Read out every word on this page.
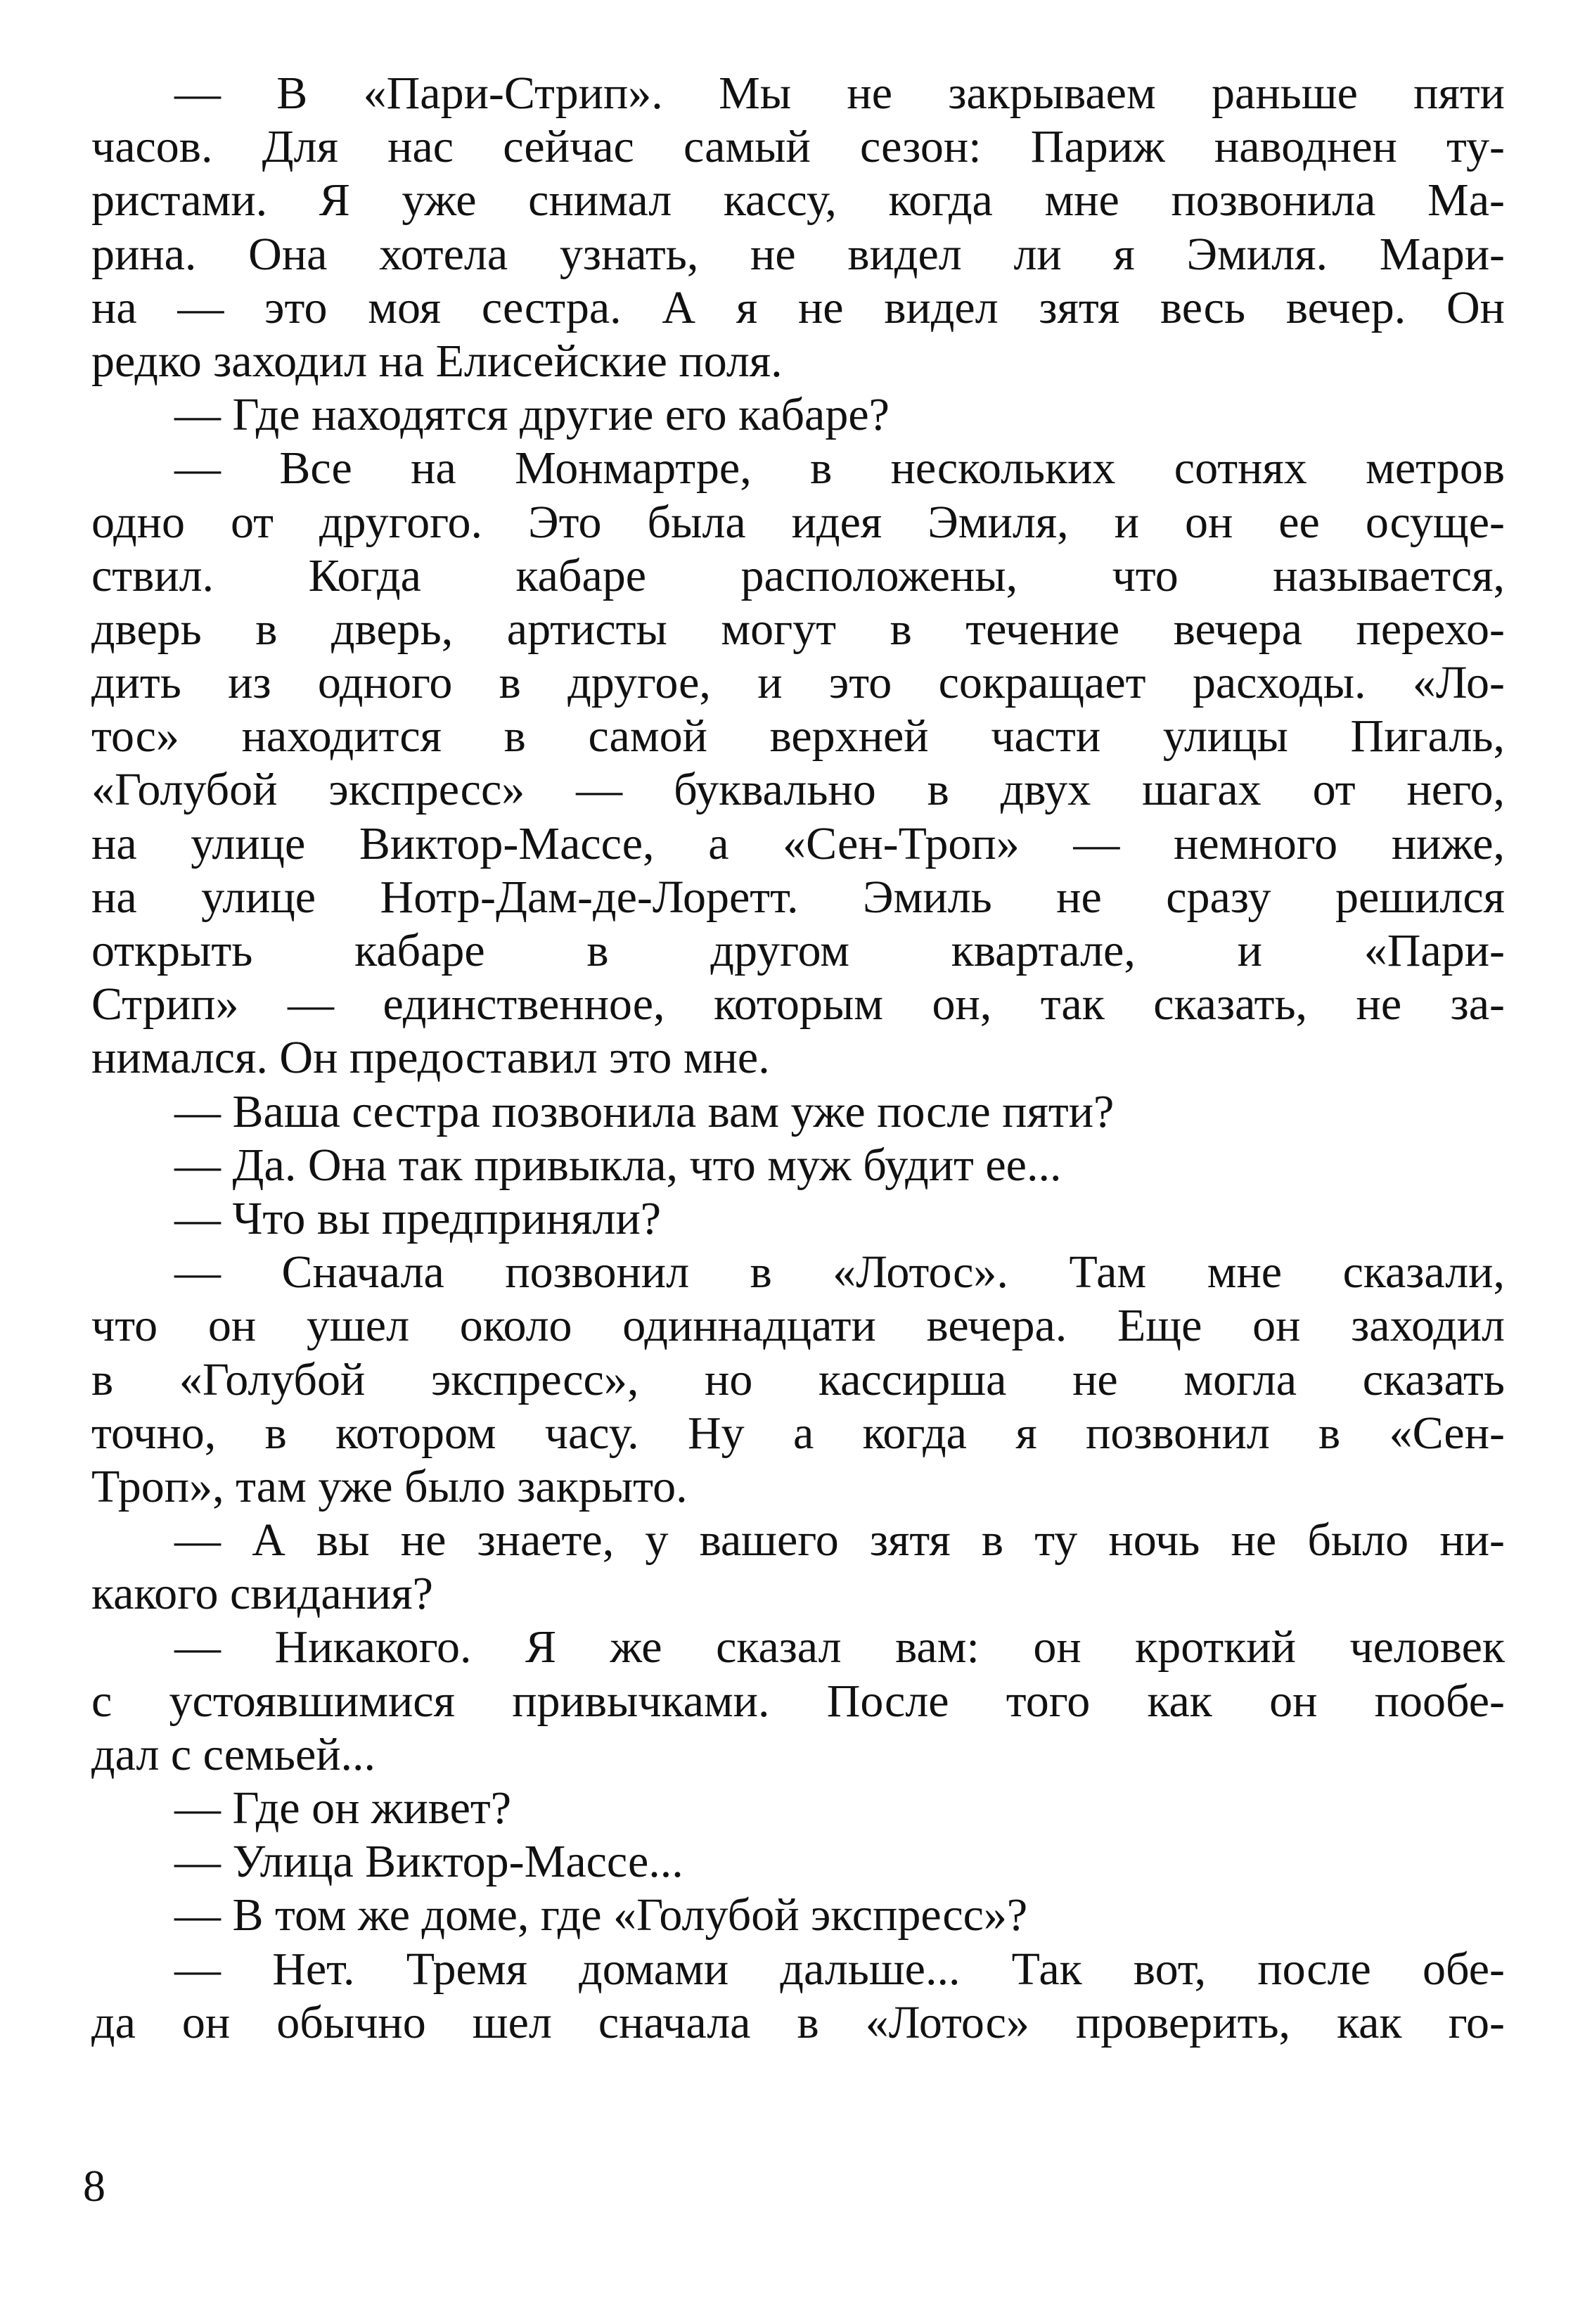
— В «Пари-Стрип». Мы не закрываем раньше пяти
часов. Для нас сейчас самый сезон: Париж наводнен ту-
ристами. Я уже снимал кассу, когда мне позвонила Ма-
рина. Она хотела узнать, не видел ли я Эмиля. Мари-
на — это моя сестра. А я не видел зятя весь вечер. Он
редко заходил на Елисейские поля.
— Где находятся другие его кабаре?
— Все на Монмартре, в нескольких сотнях метров
одно от другого. Это была идея Эмиля, и он ее осуще-
ствил. Когда кабаре расположены, что называется,
дверь в дверь, артисты могут в течение вечера перехо-
дить из одного в другое, и это сокращает расходы. «Ло-
тос» находится в самой верхней части улицы Пигаль,
«Голубой экспресс» — буквально в двух шагах от него,
на улице Виктор-Массе, а «Сен-Троп» — немного ниже,
на улице Нотр-Дам-де-Лоретт. Эмиль не сразу решился
открыть кабаре в другом квартале, и «Пари-
Стрип» — единственное, которым он, так сказать, не за-
нимался. Он предоставил это мне.
— Ваша сестра позвонила вам уже после пяти?
— Да. Она так привыкла, что муж будит ее...
— Что вы предприняли?
— Сначала позвонил в «Лотос». Там мне сказали,
что он ушел около одиннадцати вечера. Еще он заходил
в «Голубой экспресс», но кассирша не могла сказать
точно, в котором часу. Ну а когда я позвонил в «Сен-
Троп», там уже было закрыто.
— А вы не знаете, у вашего зятя в ту ночь не было ни-
какого свидания?
— Никакого. Я же сказал вам: он кроткий человек
с устоявшимися привычками. После того как он пообе-
дал с семьей...
— Где он живет?
— Улица Виктор-Массе...
— В том же доме, где «Голубой экспресс»?
— Нет. Тремя домами дальше... Так вот, после обе-
да он обычно шел сначала в «Лотос» проверить, как го-
8
